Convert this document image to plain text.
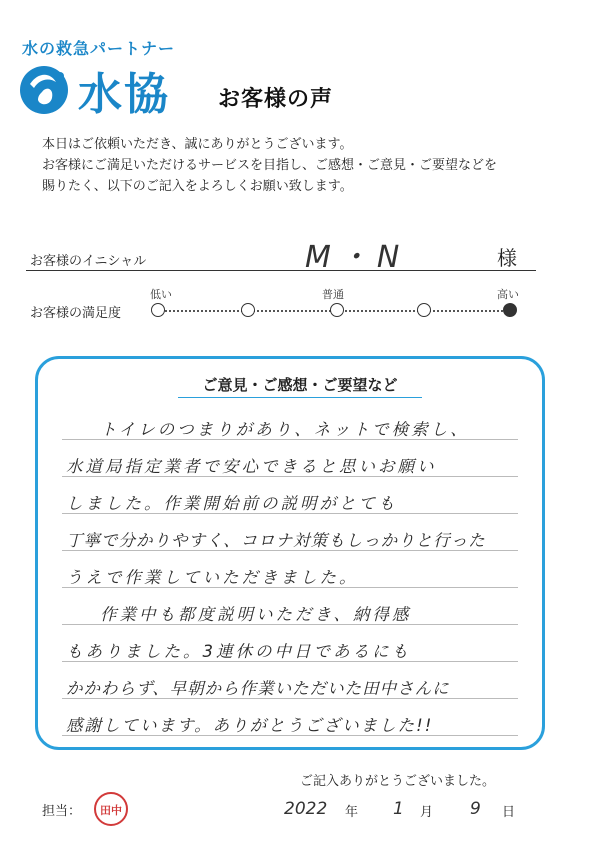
水の救急パートナー
水協 お客様の声
本日はご依頼いただき、誠にありがとうございます。
お客様にご満足いただけるサービスを目指し、ご感想・ご意見・ご要望などを
賜りたく、以下のご記入をよろしくお願い致します。
お客様のイニシャル	M・N	様
お客様の満足度
低い	普通	高い
ご意見・ご感想・ご要望など
トイレのつまりがあり、ネットで検索し、
水道局指定業者で安心できると思いお願い
しました。作業開始前の説明がとても
丁寧で分かりやすく、コロナ対策もしっかりと行った
うえで作業していただきました。
作業中も都度説明いただき、納得感
もありました。3連休の中日であるにも
かかわらず、早朝から作業いただいた田中さんに
感謝しています。ありがとうございました!!
ご記入ありがとうございました。
担当：	田中	2022 年 1 月 9 日
